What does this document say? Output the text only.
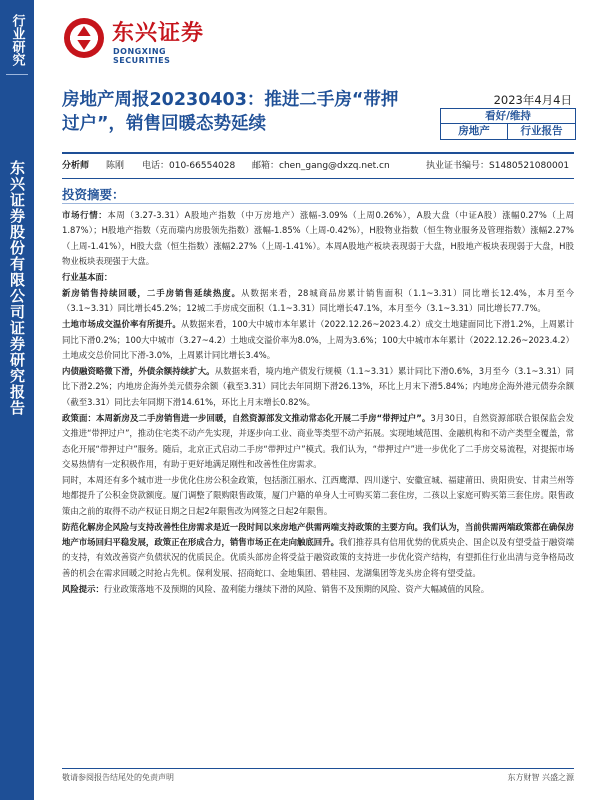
行业研究
东兴证券股份有限公司证券研究报告
东兴证券
DONGXING SECURITIES
房地产周报20230403：推进二手房“带押过户”，销售回暖态势延续
2023年4月4日
看好/维持
房地产	行业报告
分析师 陈刚 电话：010-66554028 邮箱：chen_gang@dxzq.net.cn	执业证书编号：S1480521080001
投资摘要：

市场行情：本周（3.27-3.31）A股地产指数（中万房地产）涨幅-3.09%（上周0.26%），A股大盘（中证A股）涨幅0.27%（上周1.87%）；H股地产指数（克而瑞内房股领先指数）涨幅-1.85%（上周-0.42%），H股物业指数（恒生物业服务及管理指数）涨幅2.27%（上周-1.41%），H股大盘（恒生指数）涨幅2.27%（上周-1.41%）。本周A股地产板块表现弱于大盘，H股地产板块表现弱于大盘，H股物业板块表现强于大盘。

行业基本面：

新房销售持续回暖，二手房销售延续热度。从数据来看，28城商品房累计销售面积（1.1~3.31）同比增长12.4%，本月至今（3.1~3.31）同比增长45.2%；12城二手房成交面积（1.1~3.31）同比增长47.1%，本月至今（3.1~3.31）同比增长77.7%。

土地市场成交温价率有所提升。从数据来看，100大中城市本年累计（2022.12.26~2023.4.2）成交土地建面同比下滑1.2%，上周累计同比下滑0.2%；100大中城市（3.27~4.2）土地成交溢价率为8.0%，上周为3.6%；100大中城市本年累计（2022.12.26~2023.4.2）土地成交总价同比下滑-3.0%，上周累计同比增长3.4%。

内债融资略微下滑，外债余额持续扩大。从数据来看，境内地产债发行规模（1.1~3.31）累计同比下滑0.6%，3月至今（3.1~3.31）同比下滑2.2%；内地房企海外美元债券余额（截至3.31）同比去年同期下滑26.13%，环比上月末下滑5.84%；内地房企海外港元债券余额（截至3.31）同比去年同期下滑14.61%，环比上月末增长0.82%。

政策面：本周新房及二手房销售进一步回暖，自然资源部发文推动常态化开展二手房“带押过户”。3月30日，自然资源部联合银保监会发文推进“带押过户”，推动住宅类不动产先实现，并逐步向工业、商业等类型不动产拓展。实现地域范围、金融机构和不动产类型全覆盖，常态化开展“带押过户”服务。随后，北京正式启动二手房“带押过户”模式。我们认为，“带押过户”进一步优化了二手房交易流程，对提振市场交易热情有一定积极作用，有助于更好地满足刚性和改善性住房需求。

同时，本周还有多个城市进一步优化住房公积金政策，包括浙江丽水、江西鹰潭、四川遂宁、安徽宣城、福建莆田、贵阳贵安、甘肃兰州等地都提升了公积金贷款额度。厦门调整了限购限售政策，厦门户籍的单身人士可购买第二套住房，二孩以上家庭可购买第三套住房。限售政策由之前的取得不动产权证日期之日起2年限售改为网签之日起2年限售。

防范化解房企风险与支持改善性住房需求是近一段时间以来房地产供需两端支持政策的主要方向。我们认为，当前供需两端政策都在确保房地产市场回归平稳发展，政策正在形成合力，销售市场正在走向触底回升。我们推荐具有信用优势的优质央企、国企以及有望受益于融资端的支持，有效改善资产负债状况的优质民企。优质头部房企将受益于融资政策的支持进一步优化资产结构，有望抓住行业出清与竞争格局改善的机会在需求回暖之时抢占先机。保利发展、招商蛇口、金地集团、碧桂园、龙湖集团等龙头房企将有望受益。

风险提示：行业政策落地不及预期的风险、盈利能力继续下滑的风险、销售不及预期的风险、资产大幅减值的风险。

敬请参阅报告结尾处的免责声明	东方财智 兴盛之源
